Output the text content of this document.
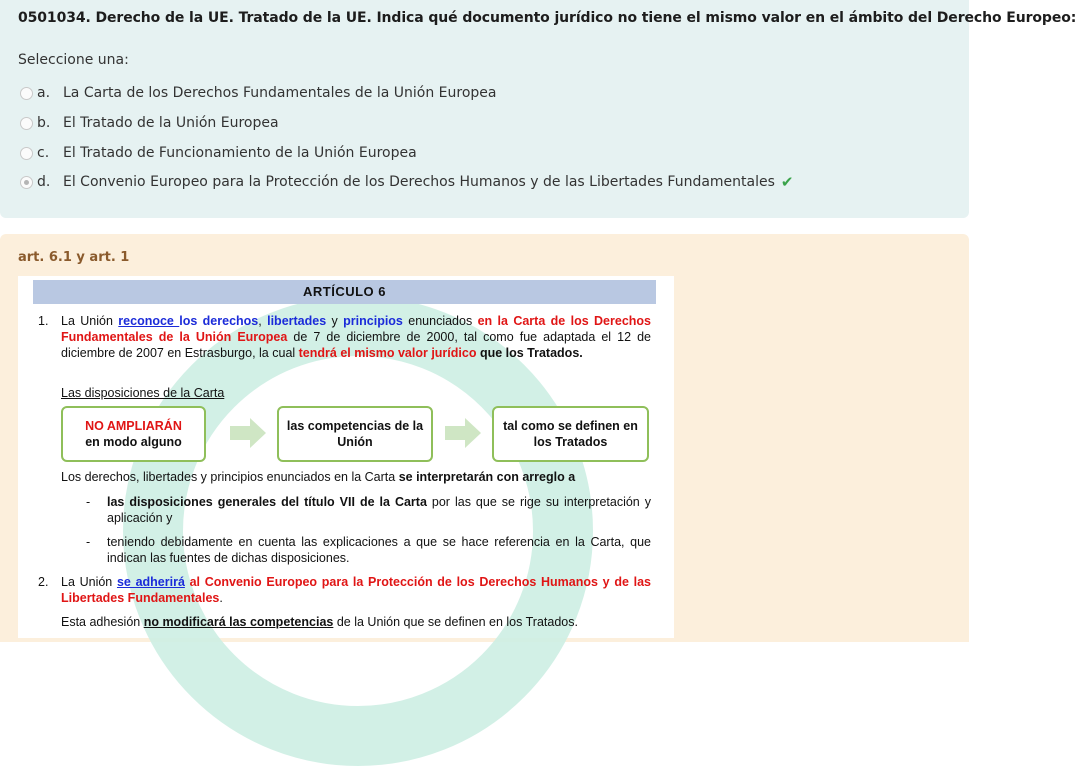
0501034. Derecho de la UE. Tratado de la UE. Indica qué documento jurídico no tiene el mismo valor en el ámbito del Derecho Europeo:
Seleccione una:
a. La Carta de los Derechos Fundamentales de la Unión Europea
b. El Tratado de la Unión Europea
c. El Tratado de Funcionamiento de la Unión Europea
d. El Convenio Europeo para la Protección de los Derechos Humanos y de las Libertades Fundamentales ✔
art. 6.1 y art. 1
ARTÍCULO 6
1. La Unión reconoce los derechos, libertades y principios enunciados en la Carta de los Derechos Fundamentales de la Unión Europea de 7 de diciembre de 2000, tal como fue adaptada el 12 de diciembre de 2007 en Estrasburgo, la cual tendrá el mismo valor jurídico que los Tratados.
Las disposiciones de la Carta
NO AMPLIARÁN
en modo alguno
las competencias de la Unión
tal como se definen en los Tratados
Los derechos, libertades y principios enunciados en la Carta se interpretarán con arreglo a
- las disposiciones generales del título VII de la Carta por las que se rige su interpretación y aplicación y
- teniendo debidamente en cuenta las explicaciones a que se hace referencia en la Carta, que indican las fuentes de dichas disposiciones.
2. La Unión se adherirá al Convenio Europeo para la Protección de los Derechos Humanos y de las Libertades Fundamentales.
Esta adhesión no modificará las competencias de la Unión que se definen en los Tratados.
